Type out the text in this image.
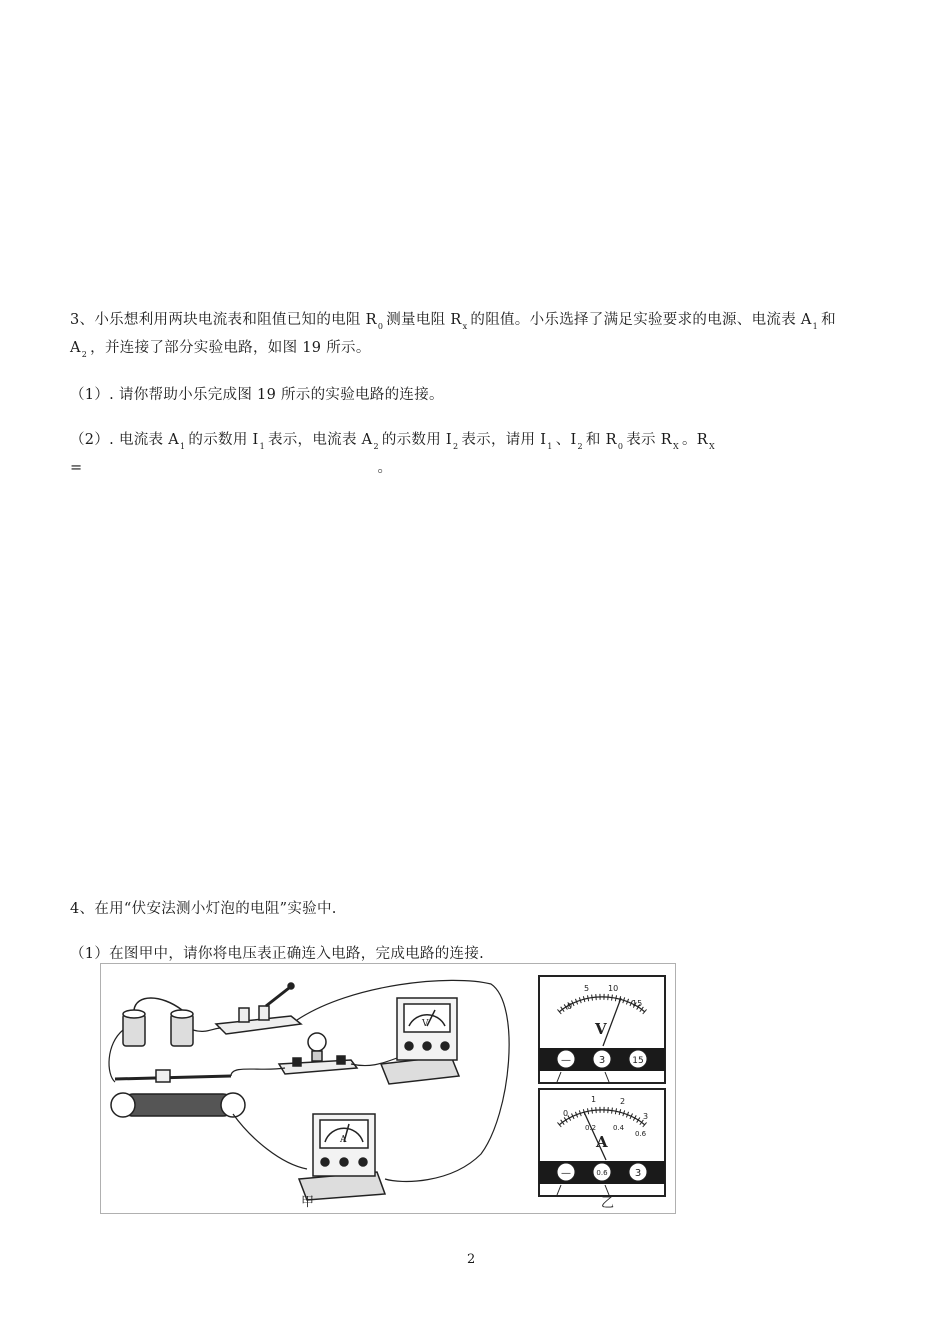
3、小乐想利用两块电流表和阻值已知的电阻 $R_0$ 测量电阻 $R_x$ 的阻值。小乐选择了满足实验要求的电源、电流表 $A_1$ 和
$A_2$ ，并连接了部分实验电路，如图 19 所示。
（1）. 请你帮助小乐完成图 19 所示的实验电路的连接。
（2）. 电流表 $A_1$ 的示数用 $I_1$ 表示，电流表 $A_2$ 的示数用 $I_2$ 表示，请用 $I_1$ 、$I_2$ 和 $R_0$ 表示 $R_X$ 。$R_X$
=	。
4、在用“伏安法测小灯泡的电阻”实验中.
（1）在图甲中，请你将电压表正确连入电路，完成电路的连接.
V
A
甲
0
5 10
15
V
—	3	15
0
1	2
3
0.2 0.4
0.6
A
—	0.6	3
乙
2
